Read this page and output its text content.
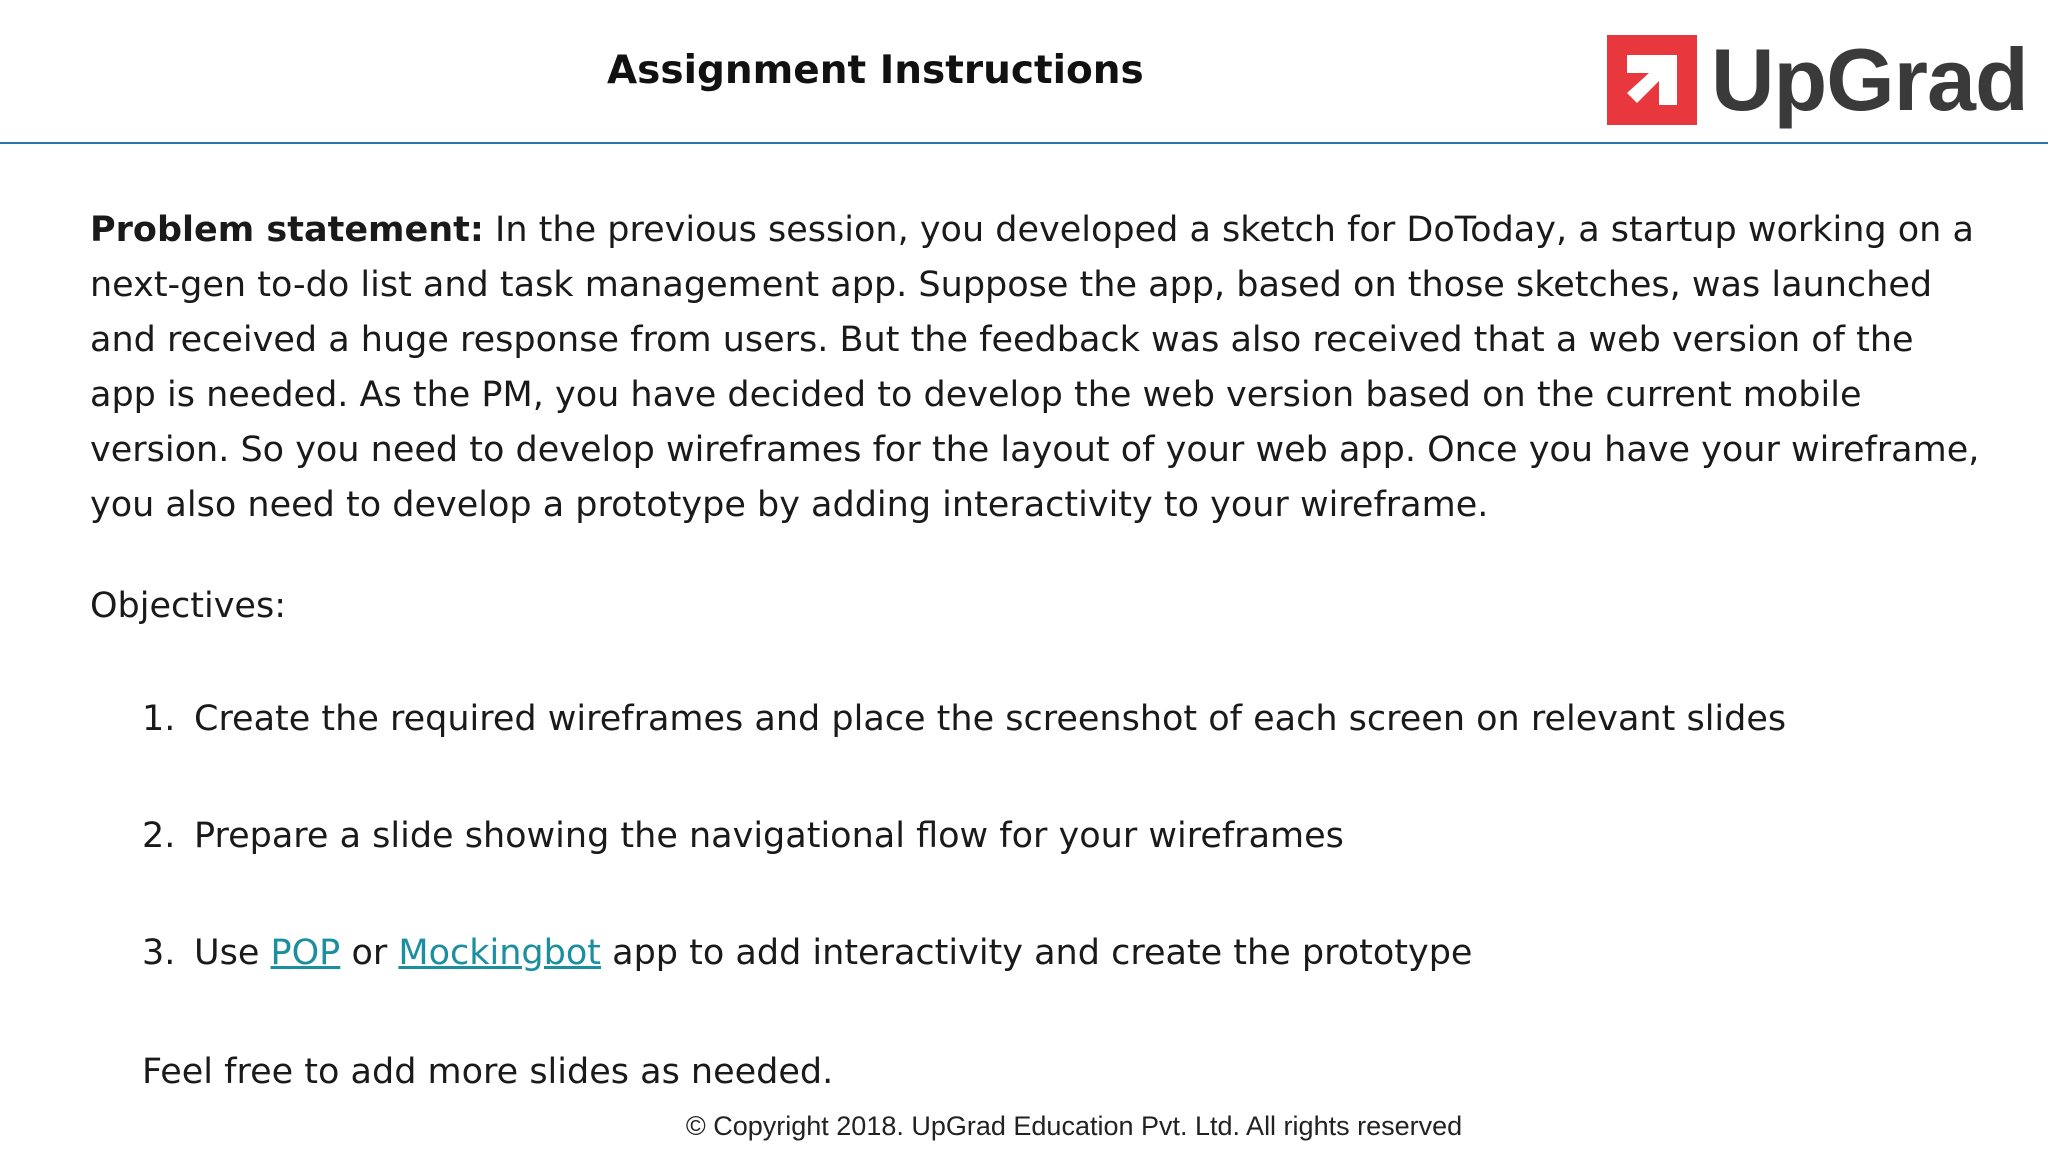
Assignment Instructions	UpGrad

Problem statement: In the previous session, you developed a sketch for DoToday, a startup working on a next-gen to-do list and task management app. Suppose the app, based on those sketches, was launched and received a huge response from users. But the feedback was also received that a web version of the app is needed. As the PM, you have decided to develop the web version based on the current mobile version. So you need to develop wireframes for the layout of your web app. Once you have your wireframe, you also need to develop a prototype by adding interactivity to your wireframe.

Objectives:

1. Create the required wireframes and place the screenshot of each screen on relevant slides
2. Prepare a slide showing the navigational flow for your wireframes
3. Use POP or Mockingbot app to add interactivity and create the prototype
Feel free to add more slides as needed.
© Copyright 2018. UpGrad Education Pvt. Ltd. All rights reserved
